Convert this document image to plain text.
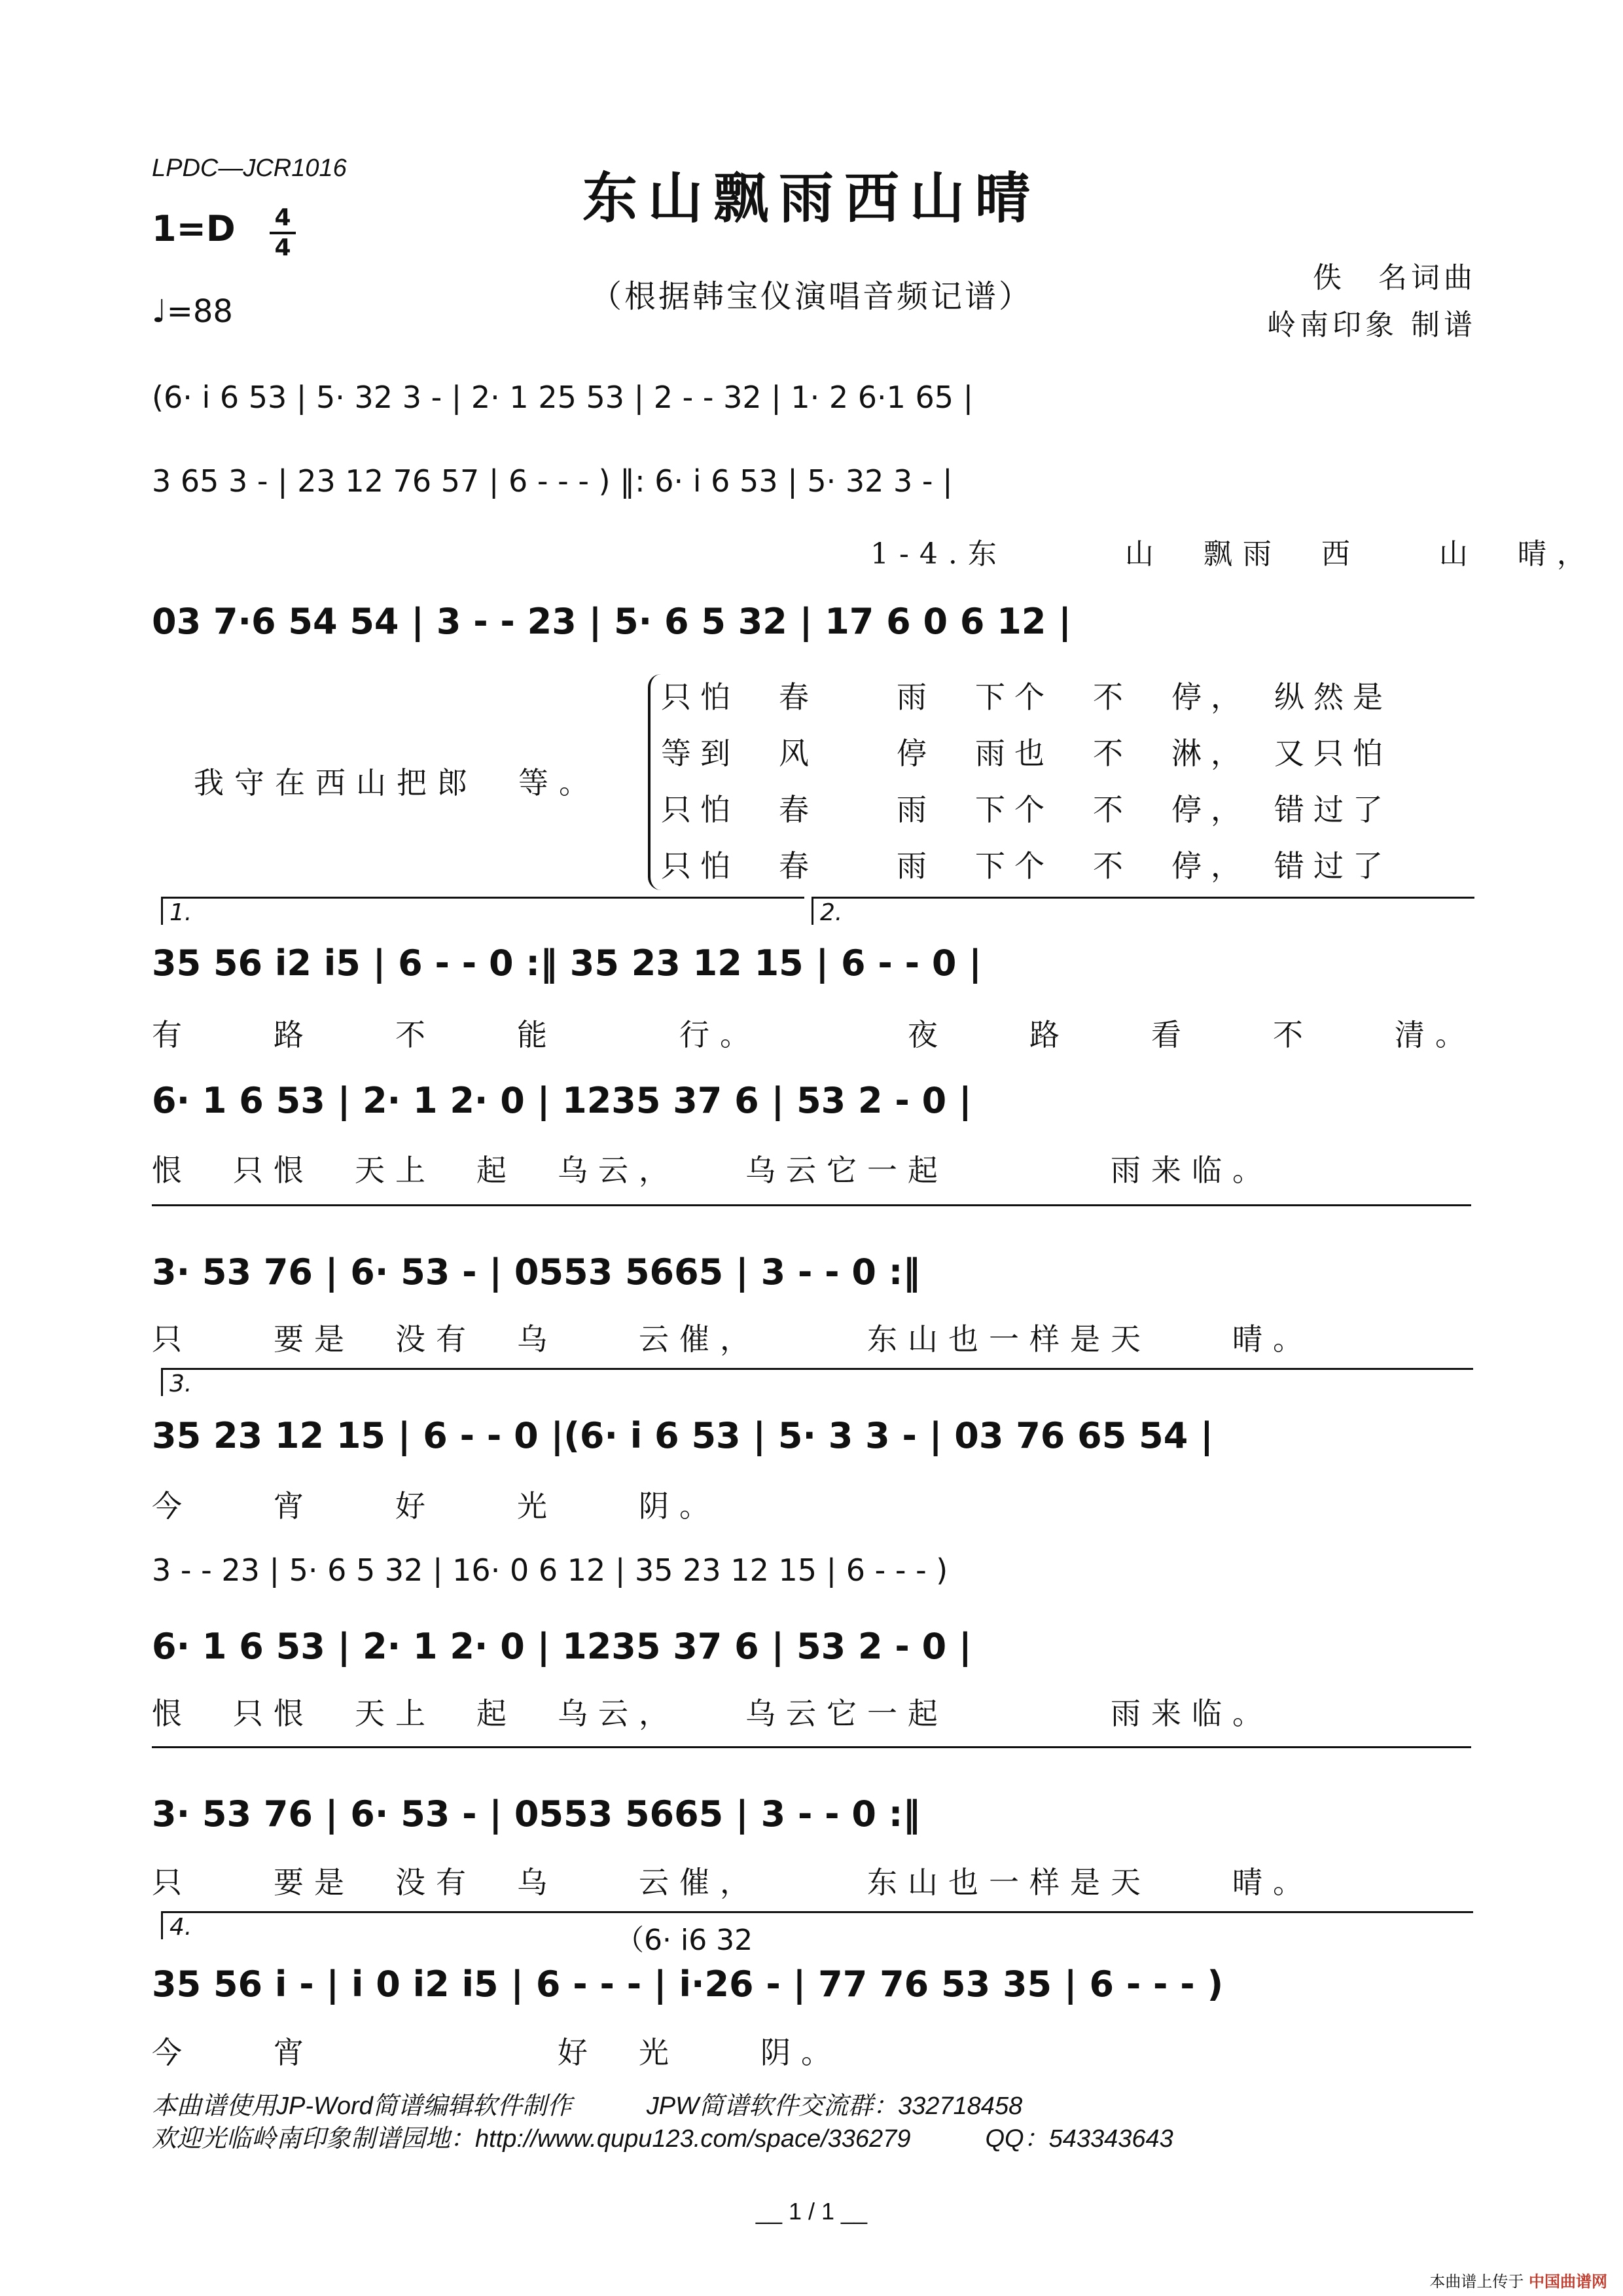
LPDC—JCR1016	东山飘雨西山晴
1=D 4
4
♩=88	（根据韩宝仪演唱音频记谱）
佚　名词曲
岭南印象 制谱
(6· i 6 53 | 5· 32 3 - | 2· 1 25 53 | 2 - - 32 | 1· 2 6·1 65 |
3 65 3 - | 23 12 76 57 | 6 - - - ) ‖: 6· i 6 53 | 5· 32 3 - |
1-4.东　　　山　飘雨　西　　山　晴，
03 7·6 54 54 | 3 - - 23 | 5· 6 5 32 | 17 6 0 6 12 |
我守在西山把郎　等。
只怕　春　　雨　下个　不　停，　纵然是
等到　风　　停　雨也　不　淋，　又只怕
只怕　春　　雨　下个　不　停，　错过了
只怕　春　　雨　下个　不　停，　错过了
1.	2.
35 56 i2 i5 | 6 - - 0 :‖ 35 23 12 15 | 6 - - 0 |
有　　路　　不　　能　　　行。　　　　夜　　路　　看　　不　　清。
6· 1 6 53 | 2· 1 2· 0 | 1235 37 6 | 53 2 - 0 |
恨　只恨　天上　起　乌云，　　乌云它一起　　　　雨来临。
3· 53 76 | 6· 53 - | 0553 5665 | 3 - - 0 :‖
只　　要是　没有　乌　　云催，　　　东山也一样是天　　晴。
3.
35 23 12 15 | 6 - - 0 |(6· i 6 53 | 5· 3 3 - | 03 76 65 54 |
今　　宵　　好　　光　　阴。
3 - - 23 | 5· 6 5 32 | 16· 0 6 12 | 35 23 12 15 | 6 - - - )
6· 1 6 53 | 2· 1 2· 0 | 1235 37 6 | 53 2 - 0 |
恨　只恨　天上　起　乌云，　　乌云它一起　　　　雨来临。
3· 53 76 | 6· 53 - | 0553 5665 | 3 - - 0 :‖
只　　要是　没有　乌　　云催，　　　东山也一样是天　　晴。
4.	（6· i6 32
35 56 i - | i 0 i2 i5 | 6 - - - | i·26 - | 77 76 53 35 | 6 - - - )
今　　宵　　　　　　好　光　　阴。
本曲谱使用JP-Word简谱编辑软件制作　　　JPW简谱软件交流群：332718458
欢迎光临岭南印象制谱园地：http://www.qupu123.com/space/336279　　　QQ：543343643
__ 1 / 1 __
本曲谱上传于 中国曲谱网
